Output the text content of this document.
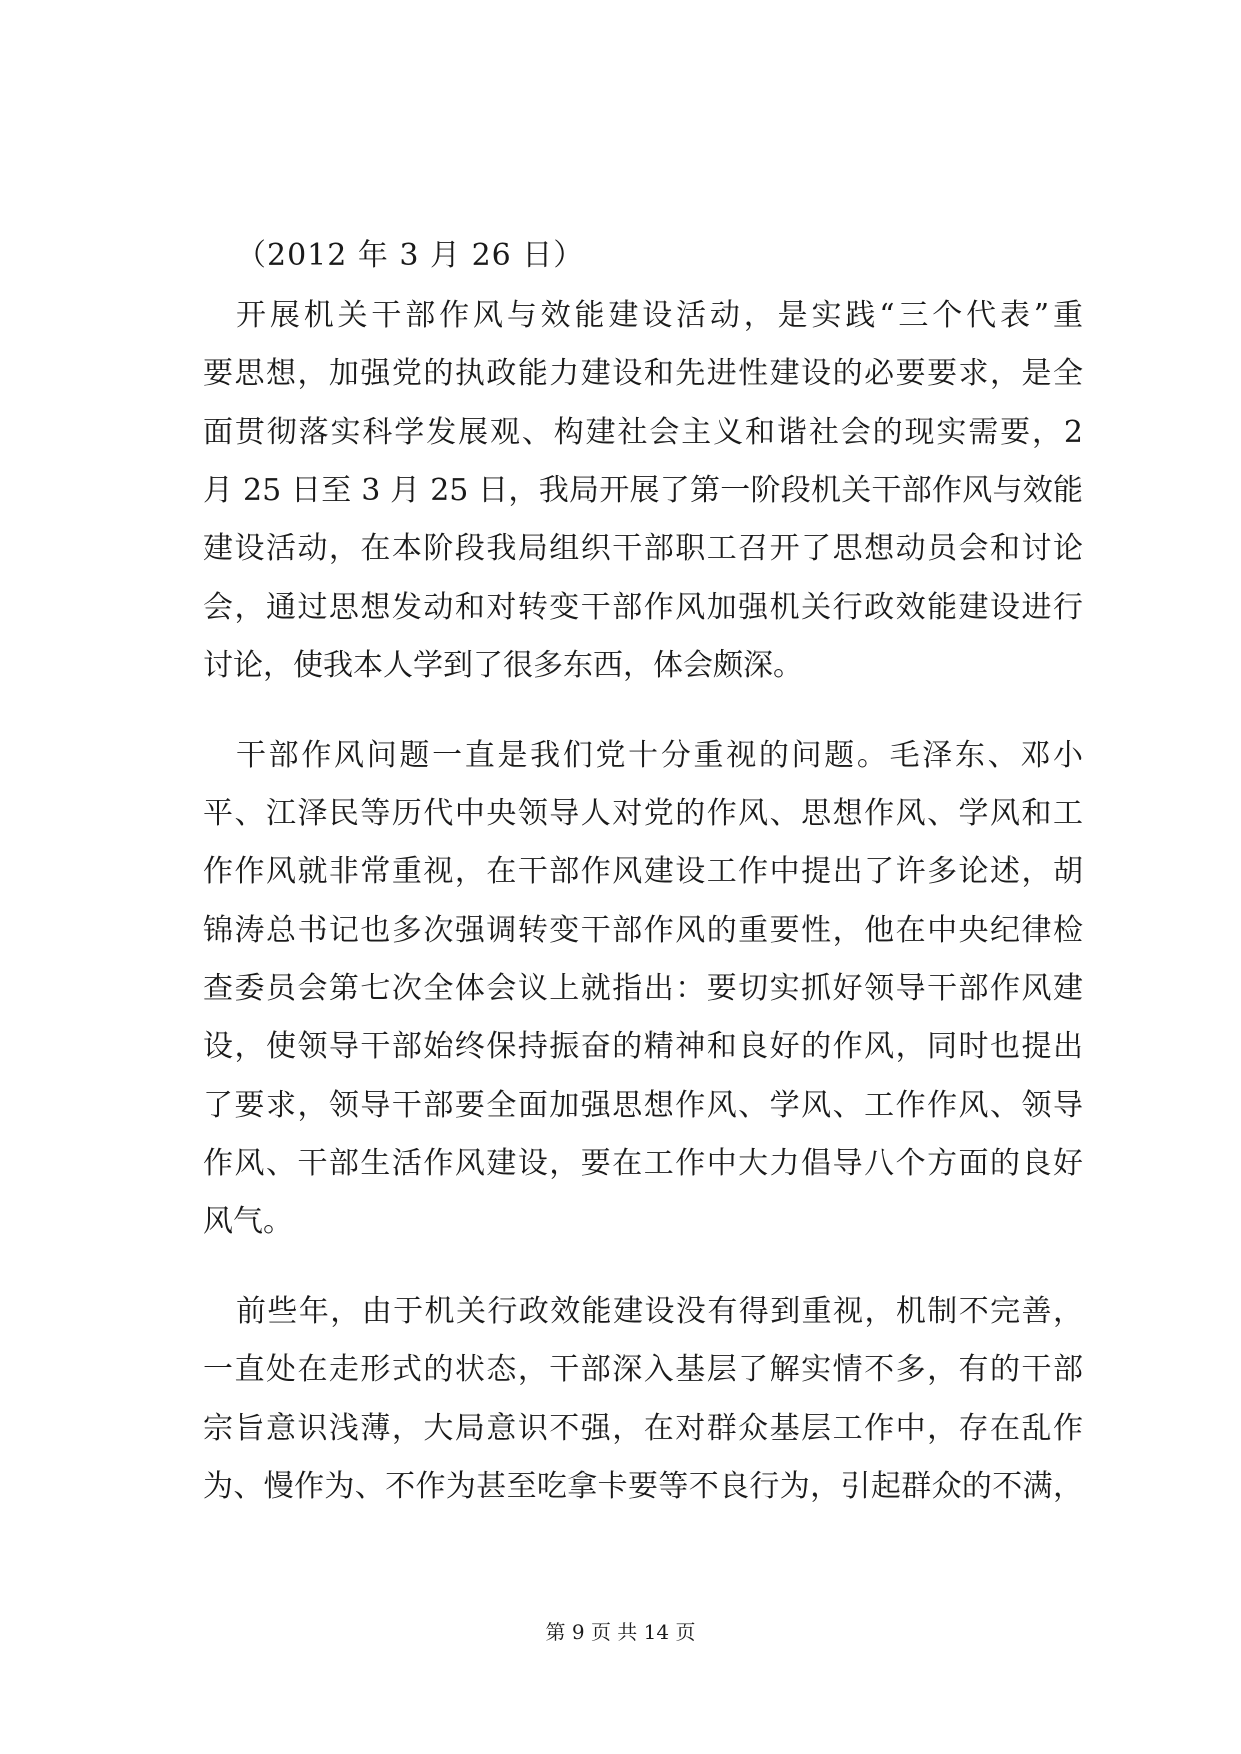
（2012 年 3 月 26 日）
开展机关干部作风与效能建设活动，是实践“三个代表”重
要思想，加强党的执政能力建设和先进性建设的必要要求，是全
面贯彻落实科学发展观、构建社会主义和谐社会的现实需要，2
月 25 日至 3 月 25 日，我局开展了第一阶段机关干部作风与效能
建设活动，在本阶段我局组织干部职工召开了思想动员会和讨论
会，通过思想发动和对转变干部作风加强机关行政效能建设进行
讨论，使我本人学到了很多东西，体会颇深。
干部作风问题一直是我们党十分重视的问题。毛泽东、邓小
平、江泽民等历代中央领导人对党的作风、思想作风、学风和工
作作风就非常重视，在干部作风建设工作中提出了许多论述，胡
锦涛总书记也多次强调转变干部作风的重要性，他在中央纪律检
查委员会第七次全体会议上就指出：要切实抓好领导干部作风建
设，使领导干部始终保持振奋的精神和良好的作风，同时也提出
了要求，领导干部要全面加强思想作风、学风、工作作风、领导
作风、干部生活作风建设，要在工作中大力倡导八个方面的良好
风气。
前些年，由于机关行政效能建设没有得到重视，机制不完善，
一直处在走形式的状态，干部深入基层了解实情不多，有的干部
宗旨意识浅薄，大局意识不强，在对群众基层工作中，存在乱作
为、慢作为、不作为甚至吃拿卡要等不良行为，引起群众的不满，
第 9 页 共 14 页
